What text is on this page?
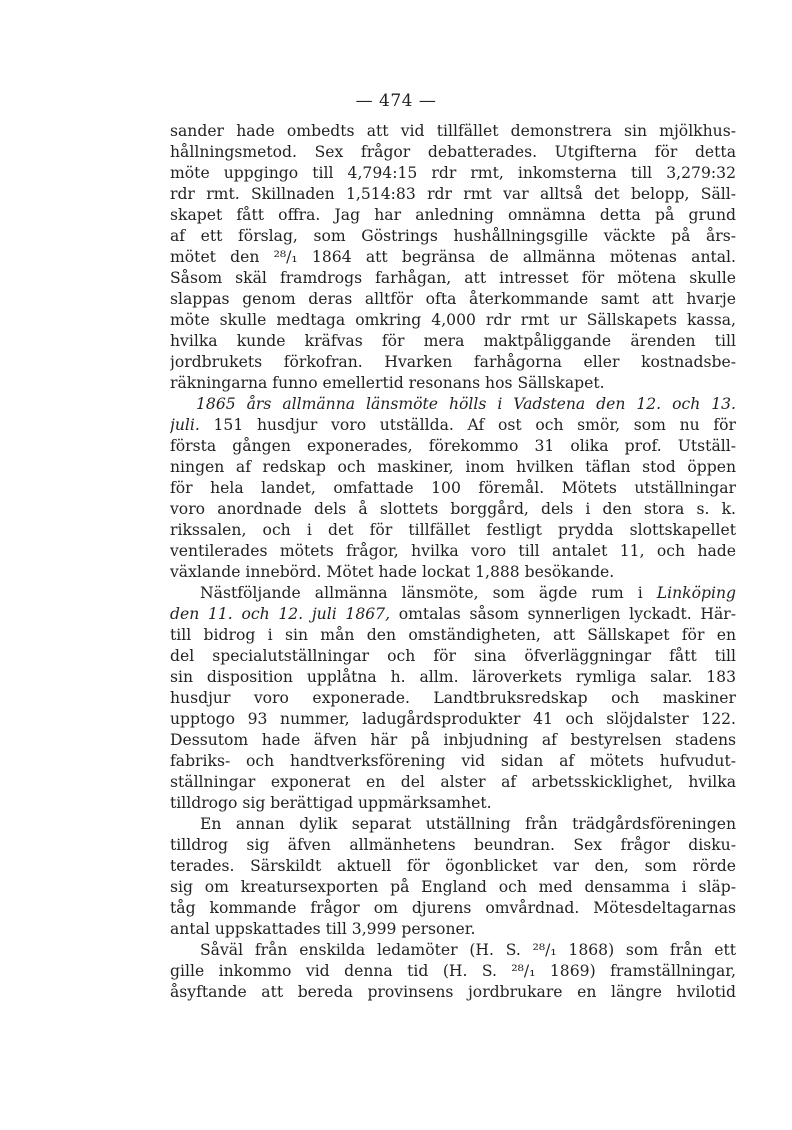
— 474 —
sander hade ombedts att vid tillfället demonstrera sin mjölkhus-
hållningsmetod. Sex frågor debatterades. Utgifterna för detta
möte uppgingo till 4,794:15 rdr rmt, inkomsterna till 3,279:32
rdr rmt. Skillnaden 1,514:83 rdr rmt var alltså det belopp, Säll-
skapet fått offra. Jag har anledning omnämna detta på grund
af ett förslag, som Göstrings hushållningsgille väckte på års-
mötet den ²⁸/₁ 1864 att begränsa de allmänna mötenas antal.
Såsom skäl framdrogs farhågan, att intresset för mötena skulle
slappas genom deras alltför ofta återkommande samt att hvarje
möte skulle medtaga omkring 4,000 rdr rmt ur Sällskapets kassa,
hvilka kunde kräfvas för mera maktpåliggande ärenden till
jordbrukets förkofran. Hvarken farhågorna eller kostnadsbe-
räkningarna funno emellertid resonans hos Sällskapet.
1865 års allmänna länsmöte hölls i Vadstena den 12. och 13.
juli. 151 husdjur voro utställda. Af ost och smör, som nu för
första gången exponerades, förekommo 31 olika prof. Utställ-
ningen af redskap och maskiner, inom hvilken täflan stod öppen
för hela landet, omfattade 100 föremål. Mötets utställningar
voro anordnade dels å slottets borggård, dels i den stora s. k.
rikssalen, och i det för tillfället festligt prydda slottskapellet
ventilerades mötets frågor, hvilka voro till antalet 11, och hade
växlande innebörd. Mötet hade lockat 1,888 besökande.
Nästföljande allmänna länsmöte, som ägde rum i Linköping
den 11. och 12. juli 1867, omtalas såsom synnerligen lyckadt. Här-
till bidrog i sin mån den omständigheten, att Sällskapet för en
del specialutställningar och för sina öfverläggningar fått till
sin disposition upplåtna h. allm. läroverkets rymliga salar. 183
husdjur voro exponerade. Landtbruksredskap och maskiner
upptogo 93 nummer, ladugårdsprodukter 41 och slöjdalster 122.
Dessutom hade äfven här på inbjudning af bestyrelsen stadens
fabriks- och handtverksförening vid sidan af mötets hufvudut-
ställningar exponerat en del alster af arbetsskicklighet, hvilka
tilldrogo sig berättigad uppmärksamhet.
En annan dylik separat utställning från trädgårdsföreningen
tilldrog sig äfven allmänhetens beundran. Sex frågor disku-
terades. Särskildt aktuell för ögonblicket var den, som rörde
sig om kreatursexporten på England och med densamma i släp-
tåg kommande frågor om djurens omvårdnad. Mötesdeltagarnas
antal uppskattades till 3,999 personer.
Såväl från enskilda ledamöter (H. S. ²⁸/₁ 1868) som från ett
gille inkommo vid denna tid (H. S. ²⁸/₁ 1869) framställningar,
åsyftande att bereda provinsens jordbrukare en längre hvilotid
